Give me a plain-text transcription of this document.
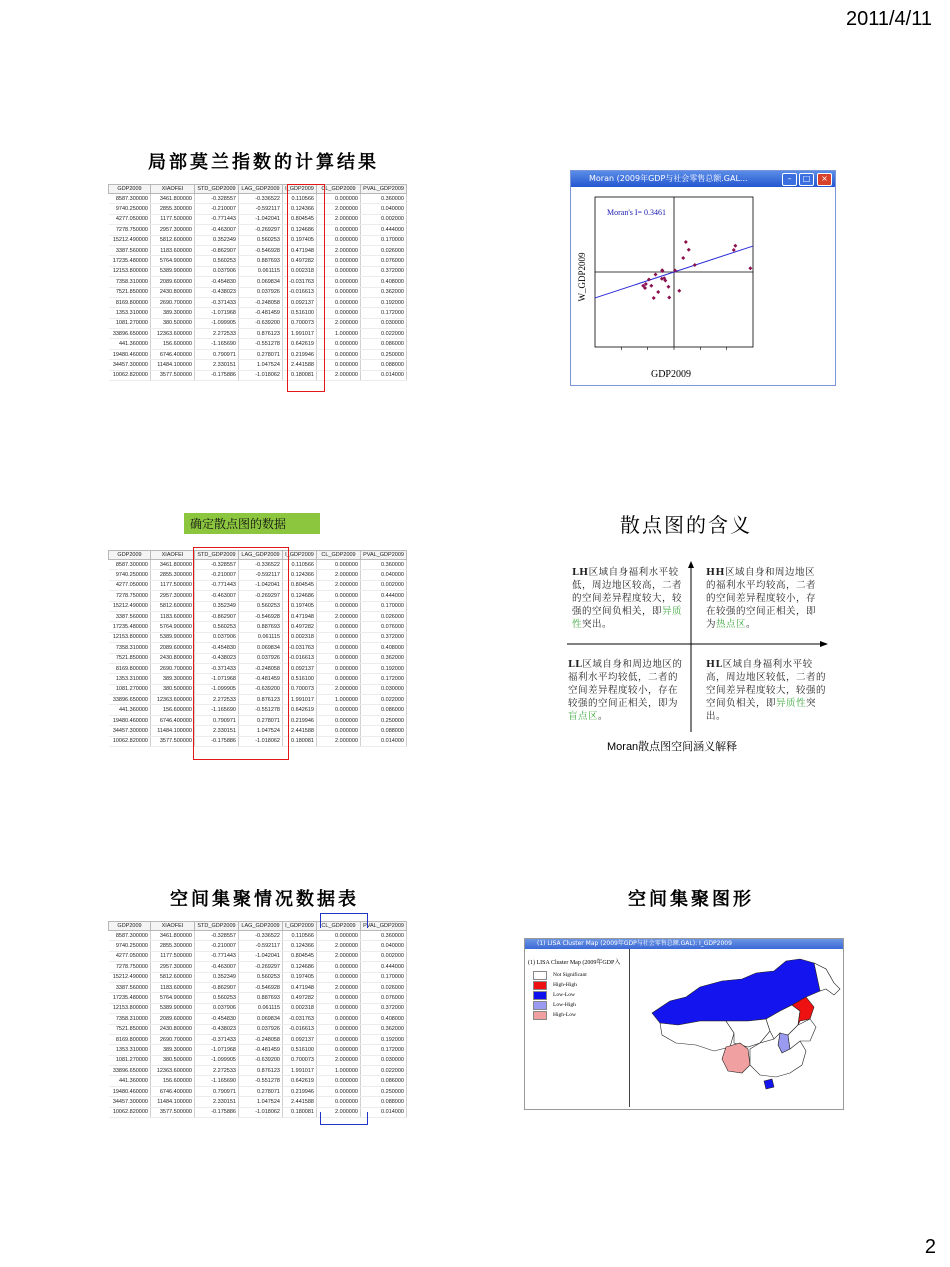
2011/4/11
2
局部莫兰指数的计算结果
GDP2009	XIAOFEI	STD_GDP2009	LAG_GDP2009	I_GDP2009	CL_GDP2009	PVAL_GDP2009
8587.300000	3461.800000	-0.328557	-0.336522	0.110566	0.000000	0.360000
9740.250000	2855.300000	-0.210007	-0.592117	0.124366	2.000000	0.040000
4277.050000	1177.500000	-0.771443	-1.042041	0.804545	2.000000	0.002000
7278.750000	2957.300000	-0.463007	-0.269297	0.124686	0.000000	0.444000
15212.490000	5812.600000	0.352349	0.560253	0.197405	0.000000	0.170000
3387.560000	1183.600000	-0.862907	-0.546928	0.471948	2.000000	0.026000
17235.480000	5764.900000	0.560253	0.887693	0.497282	0.000000	0.076000
12153.800000	5389.900000	0.037906	0.061115	0.002318	0.000000	0.372000
7358.310000	2089.600000	-0.454830	0.069834	-0.031763	0.000000	0.408000
7521.850000	2430.800000	-0.438023	0.037926	-0.016613	0.000000	0.362000
8169.800000	2690.700000	-0.371433	-0.248058	0.092137	0.000000	0.192000
1353.310000	389.300000	-1.071968	-0.481459	0.516100	0.000000	0.172000
1081.270000	380.500000	-1.099905	-0.639200	0.700073	2.000000	0.030000
33896.650000	12363.600000	2.272533	0.876123	1.991017	1.000000	0.022000
441.360000	156.600000	-1.165690	-0.551278	0.642619	0.000000	0.086000
19480.460000	6746.400000	0.790971	0.278071	0.219946	0.000000	0.250000
34457.300000	11484.100000	2.330151	1.047524	2.441588	0.000000	0.088000
10062.820000	3577.500000	-0.175886	-1.018062	0.180081	2.000000	0.014000
Moran (2009年GDP与社会零售总额.GAL...	–	□	×
Moran's I= 0.3461
GDP2009
W_GDP2009
确定散点图的数据
GDP2009	XIAOFEI	STD_GDP2009	LAG_GDP2009	I_GDP2009	CL_GDP2009	PVAL_GDP2009
8587.300000	3461.800000	-0.328557	-0.336522	0.110566	0.000000	0.360000
9740.250000	2855.300000	-0.210007	-0.592117	0.124366	2.000000	0.040000
4277.050000	1177.500000	-0.771443	-1.042041	0.804545	2.000000	0.002000
7278.750000	2957.300000	-0.463007	-0.269297	0.124686	0.000000	0.444000
15212.490000	5812.600000	0.352349	0.560253	0.197405	0.000000	0.170000
3387.560000	1183.600000	-0.862907	-0.546928	0.471948	2.000000	0.026000
17235.480000	5764.900000	0.560253	0.887693	0.497282	0.000000	0.076000
12153.800000	5389.900000	0.037906	0.061115	0.002318	0.000000	0.372000
7358.310000	2089.600000	-0.454830	0.069834	-0.031763	0.000000	0.408000
7521.850000	2430.800000	-0.438023	0.037926	-0.016613	0.000000	0.362000
8169.800000	2690.700000	-0.371433	-0.248058	0.092137	0.000000	0.192000
1353.310000	389.300000	-1.071968	-0.481459	0.516100	0.000000	0.172000
1081.270000	380.500000	-1.099905	-0.639200	0.700073	2.000000	0.030000
33896.650000	12363.600000	2.272533	0.876123	1.991017	1.000000	0.022000
441.360000	156.600000	-1.165690	-0.551278	0.642619	0.000000	0.086000
19480.460000	6746.400000	0.790971	0.278071	0.219946	0.000000	0.250000
34457.300000	11484.100000	2.330151	1.047524	2.441588	0.000000	0.088000
10062.820000	3577.500000	-0.175886	-1.018062	0.180081	2.000000	0.014000
散点图的含义
LH区域自身福利水平较低，周边地区较高，二者的空间差异程度较大，较强的空间负相关，即异质性突出。
HH区域自身和周边地区的福利水平均较高，二者的空间差异程度较小，存在较强的空间正相关，即为热点区。
LL区域自身和周边地区的福利水平均较低，二者的空间差异程度较小，存在较强的空间正相关，即为盲点区。
HL区域自身福利水平较高，周边地区较低，二者的空间差异程度较大，较强的空间负相关，即异质性突出。
Moran散点图空间涵义解释
空间集聚情况数据表
GDP2009	XIAOFEI	STD_GDP2009	LAG_GDP2009	I_GDP2009	CL_GDP2009	PVAL_GDP2009
8587.300000	3461.800000	-0.328557	-0.336522	0.110566	0.000000	0.360000
9740.250000	2855.300000	-0.210007	-0.592117	0.124366	2.000000	0.040000
4277.050000	1177.500000	-0.771443	-1.042041	0.804545	2.000000	0.002000
7278.750000	2957.300000	-0.463007	-0.269297	0.124686	0.000000	0.444000
15212.490000	5812.600000	0.352349	0.560253	0.197405	0.000000	0.170000
3387.560000	1183.600000	-0.862907	-0.546928	0.471948	2.000000	0.026000
17235.480000	5764.900000	0.560253	0.887693	0.497282	0.000000	0.076000
12153.800000	5389.900000	0.037906	0.061115	0.002318	0.000000	0.372000
7358.310000	2089.600000	-0.454830	0.069834	-0.031763	0.000000	0.408000
7521.850000	2430.800000	-0.438023	0.037926	-0.016613	0.000000	0.362000
8169.800000	2690.700000	-0.371433	-0.248058	0.092137	0.000000	0.192000
1353.310000	389.300000	-1.071968	-0.481459	0.516100	0.000000	0.172000
1081.270000	380.500000	-1.099905	-0.639200	0.700073	2.000000	0.030000
33896.650000	12363.600000	2.272533	0.876123	1.991017	1.000000	0.022000
441.360000	156.600000	-1.165690	-0.551278	0.642619	0.000000	0.086000
19480.460000	6746.400000	0.790971	0.278071	0.219946	0.000000	0.250000
34457.300000	11484.100000	2.330151	1.047524	2.441588	0.000000	0.088000
10062.820000	3577.500000	-0.175886	-1.018062	0.180081	2.000000	0.014000
空间集聚图形
(1) LISA Cluster Map (2009年GDP与社会零售总额.GAL): I_GDP2009
(1) LISA Cluster Map (2009年GDP入
Not Significant
High-High
Low-Low
Low-High
High-Low
